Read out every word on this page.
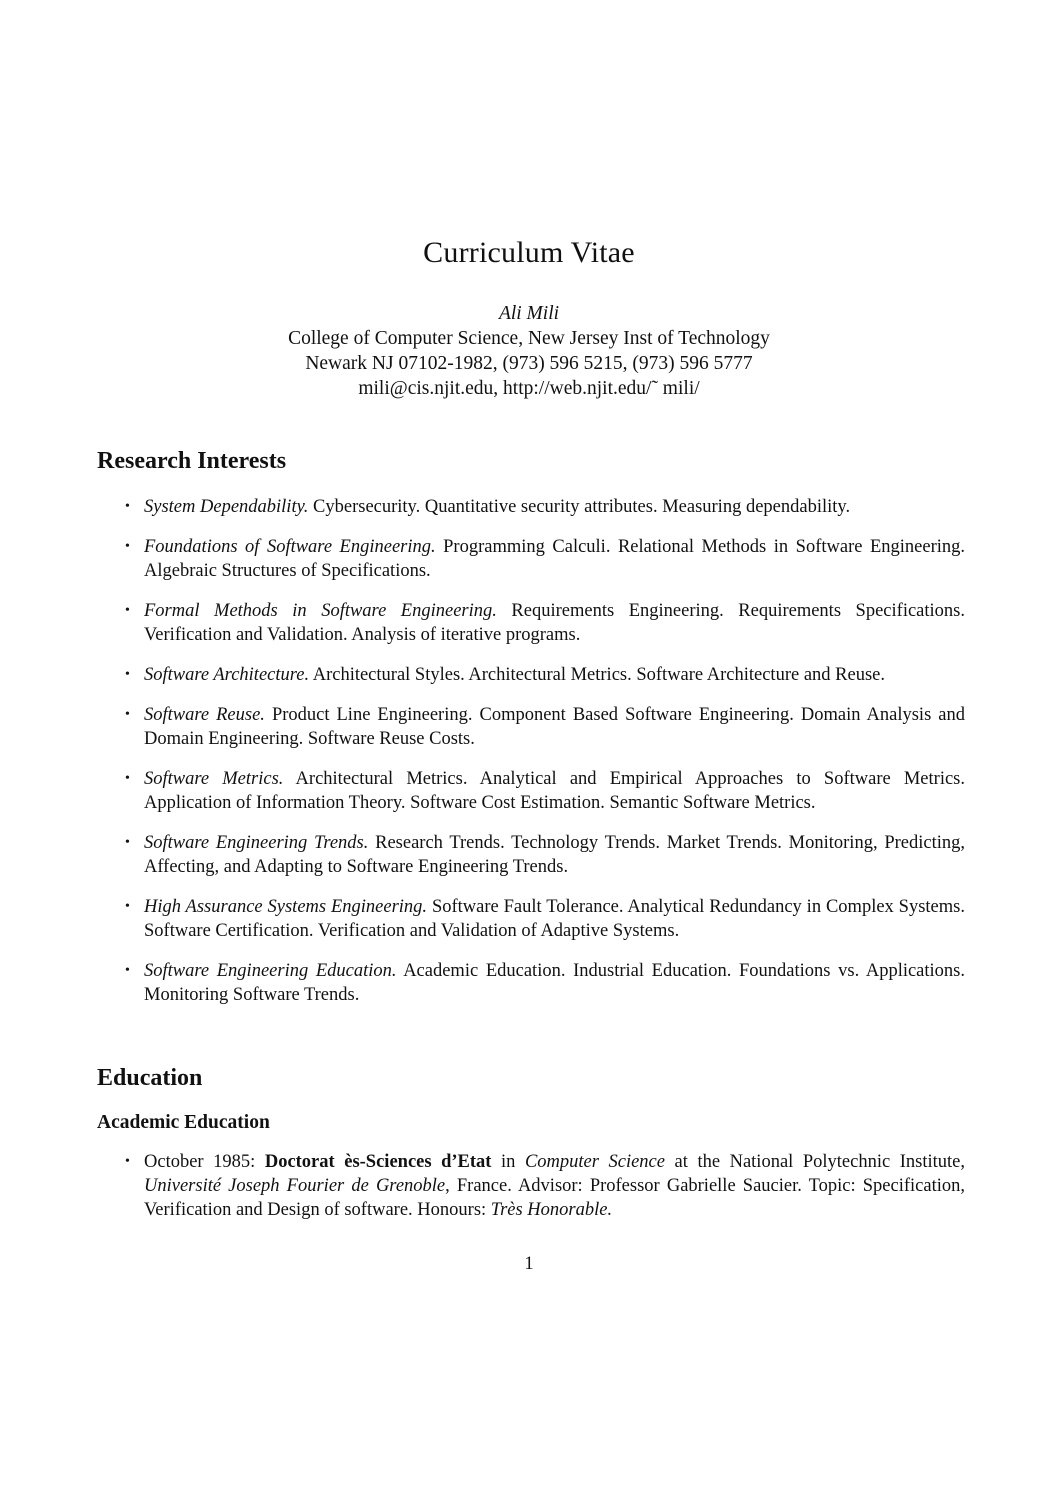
Curriculum Vitae
Ali Mili
College of Computer Science, New Jersey Inst of Technology
Newark NJ 07102-1982, (973) 596 5215, (973) 596 5777
mili@cis.njit.edu, http://web.njit.edu/˜ mili/
Research Interests
• System Dependability. Cybersecurity. Quantitative security attributes. Measuring dependability.
• Foundations of Software Engineering. Programming Calculi. Relational Methods in Software Engineering. Algebraic Structures of Specifications.
• Formal Methods in Software Engineering. Requirements Engineering. Requirements Specifications. Verification and Validation. Analysis of iterative programs.
• Software Architecture. Architectural Styles. Architectural Metrics. Software Architecture and Reuse.
• Software Reuse. Product Line Engineering. Component Based Software Engineering. Domain Analysis and Domain Engineering. Software Reuse Costs.
• Software Metrics. Architectural Metrics. Analytical and Empirical Approaches to Software Metrics. Application of Information Theory. Software Cost Estimation. Semantic Software Metrics.
• Software Engineering Trends. Research Trends. Technology Trends. Market Trends. Monitoring, Predicting, Affecting, and Adapting to Software Engineering Trends.
• High Assurance Systems Engineering. Software Fault Tolerance. Analytical Redundancy in Complex Systems. Software Certification. Verification and Validation of Adaptive Systems.
• Software Engineering Education. Academic Education. Industrial Education. Foundations vs. Applications. Monitoring Software Trends.
Education
Academic Education
• October 1985: Doctorat ès-Sciences d’Etat in Computer Science at the National Polytechnic Institute, Université Joseph Fourier de Grenoble, France. Advisor: Professor Gabrielle Saucier. Topic: Specification, Verification and Design of software. Honours: Très Honorable.
1
